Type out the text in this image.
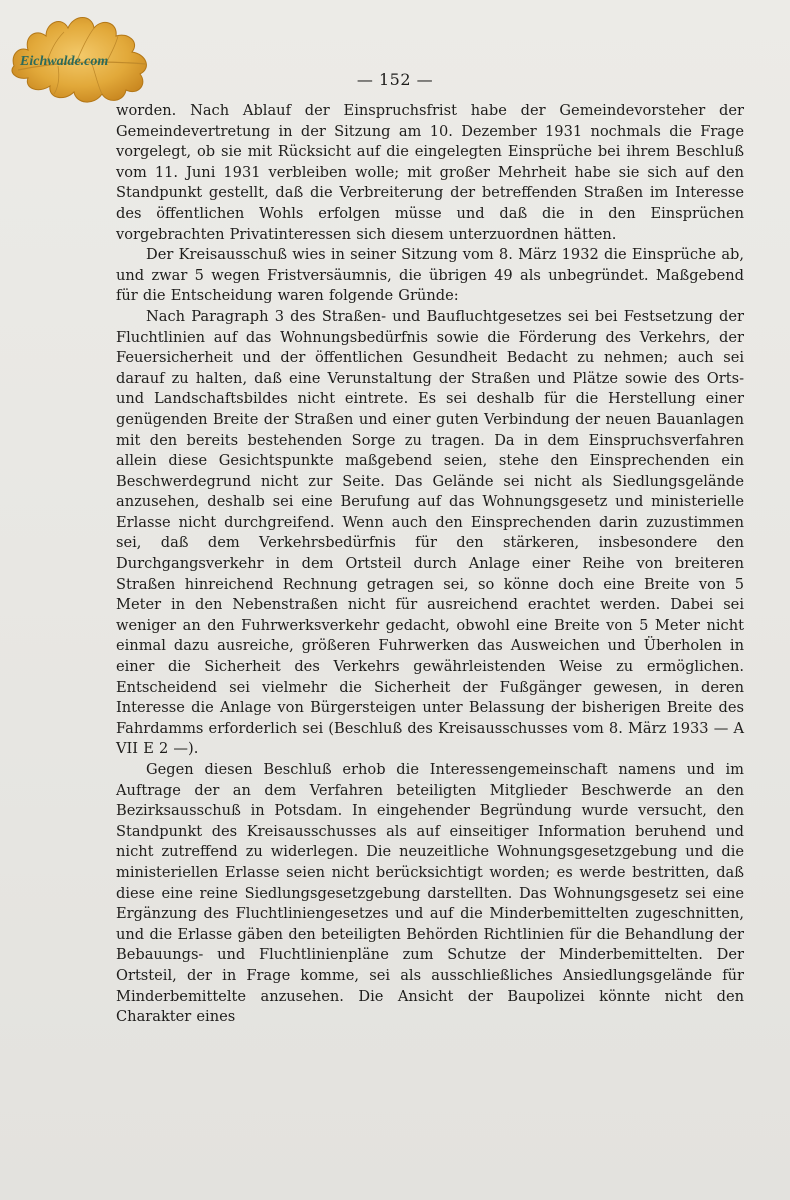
Eichwalde.com
— 152 —

worden. Nach Ablauf der Einspruchsfrist habe der Gemeindevorsteher der Gemeindevertretung in der Sitzung am 10. Dezember 1931 nochmals die Frage vorgelegt, ob sie mit Rücksicht auf die eingelegten Einsprüche bei ihrem Beschluß vom 11. Juni 1931 verbleiben wolle; mit großer Mehrheit habe sie sich auf den Standpunkt gestellt, daß die Verbreiterung der betreffenden Straßen im Interesse des öffentlichen Wohls erfolgen müsse und daß die in den Einsprüchen vorgebrachten Privatinteressen sich diesem unterzuordnen hätten.

Der Kreisausschuß wies in seiner Sitzung vom 8. März 1932 die Einsprüche ab, und zwar 5 wegen Fristversäumnis, die übrigen 49 als unbegründet. Maßgebend für die Entscheidung waren folgende Gründe:

Nach Paragraph 3 des Straßen- und Baufluchtgesetzes sei bei Festsetzung der Fluchtlinien auf das Wohnungsbedürfnis sowie die Förderung des Verkehrs, der Feuersicherheit und der öffentlichen Gesundheit Bedacht zu nehmen; auch sei darauf zu halten, daß eine Verunstaltung der Straßen und Plätze sowie des Orts- und Landschaftsbildes nicht eintrete. Es sei deshalb für die Herstellung einer genügenden Breite der Straßen und einer guten Verbindung der neuen Bauanlagen mit den bereits bestehenden Sorge zu tragen. Da in dem Einspruchsverfahren allein diese Gesichtspunkte maßgebend seien, stehe den Einsprechenden ein Beschwerdegrund nicht zur Seite. Das Gelände sei nicht als Siedlungsgelände anzusehen, deshalb sei eine Berufung auf das Wohnungsgesetz und ministerielle Erlasse nicht durchgreifend. Wenn auch den Einsprechenden darin zuzustimmen sei, daß dem Verkehrsbedürfnis für den stärkeren, insbesondere den Durchgangsverkehr in dem Ortsteil durch Anlage einer Reihe von breiteren Straßen hinreichend Rechnung getragen sei, so könne doch eine Breite von 5 Meter in den Nebenstraßen nicht für ausreichend erachtet werden. Dabei sei weniger an den Fuhrwerksverkehr gedacht, obwohl eine Breite von 5 Meter nicht einmal dazu ausreiche, größeren Fuhrwerken das Ausweichen und Überholen in einer die Sicherheit des Verkehrs gewährleistenden Weise zu ermöglichen. Entscheidend sei vielmehr die Sicherheit der Fußgänger gewesen, in deren Interesse die Anlage von Bürgersteigen unter Belassung der bisherigen Breite des Fahrdamms erforderlich sei (Beschluß des Kreisausschusses vom 8. März 1933 — A VII E 2 —).

Gegen diesen Beschluß erhob die Interessengemeinschaft namens und im Auftrage der an dem Verfahren beteiligten Mitglieder Beschwerde an den Bezirksausschuß in Potsdam. In eingehender Begründung wurde versucht, den Standpunkt des Kreisausschusses als auf einseitiger Information beruhend und nicht zutreffend zu widerlegen. Die neuzeitliche Wohnungsgesetzgebung und die ministeriellen Erlasse seien nicht berücksichtigt worden; es werde bestritten, daß diese eine reine Siedlungsgesetzgebung darstellten. Das Wohnungsgesetz sei eine Ergänzung des Fluchtliniengesetzes und auf die Minderbemittelten zugeschnitten, und die Erlasse gäben den beteiligten Behörden Richtlinien für die Behandlung der Bebauungs- und Fluchtlinienpläne zum Schutze der Minderbemittelten. Der Ortsteil, der in Frage komme, sei als ausschließliches Ansiedlungsgelände für Minderbemittelte anzusehen. Die Ansicht der Baupolizei könnte nicht den Charakter eines
